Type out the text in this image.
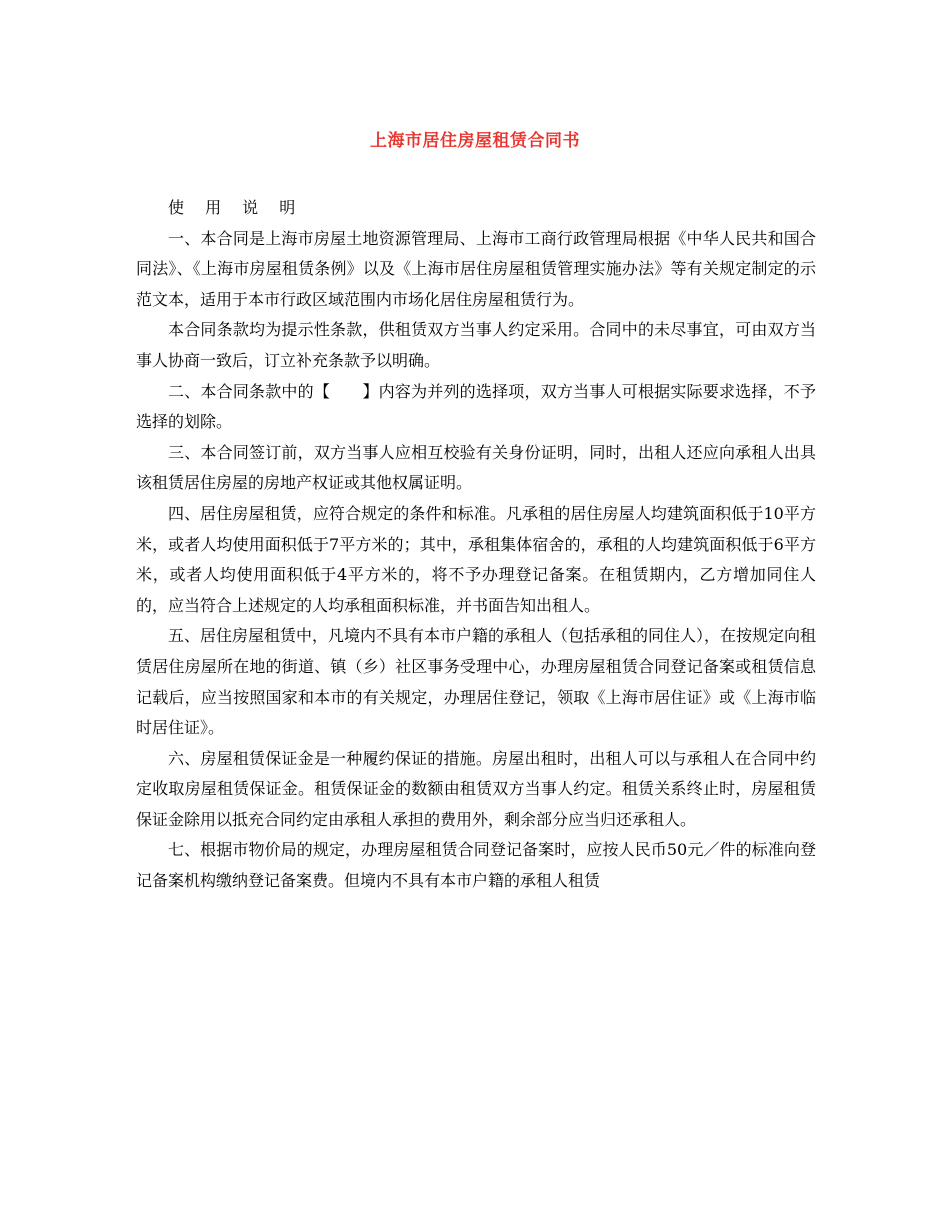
上海市居住房屋租赁合同书

使 用 说 明

一、本合同是上海市房屋土地资源管理局、上海市工商行政管理局根据《中华人民共和国合同法》、《上海市房屋租赁条例》以及《上海市居住房屋租赁管理实施办法》等有关规定制定的示范文本，适用于本市行政区域范围内市场化居住房屋租赁行为。

本合同条款均为提示性条款，供租赁双方当事人约定采用。合同中的未尽事宜，可由双方当事人协商一致后，订立补充条款予以明确。

二、本合同条款中的【　　】内容为并列的选择项，双方当事人可根据实际要求选择，不予选择的划除。

三、本合同签订前，双方当事人应相互校验有关身份证明，同时，出租人还应向承租人出具该租赁居住房屋的房地产权证或其他权属证明。

四、居住房屋租赁，应符合规定的条件和标准。凡承租的居住房屋人均建筑面积低于10平方米，或者人均使用面积低于7平方米的；其中，承租集体宿舍的，承租的人均建筑面积低于6平方米，或者人均使用面积低于4平方米的，将不予办理登记备案。在租赁期内，乙方增加同住人的，应当符合上述规定的人均承租面积标准，并书面告知出租人。

五、居住房屋租赁中，凡境内不具有本市户籍的承租人（包括承租的同住人），在按规定向租赁居住房屋所在地的街道、镇（乡）社区事务受理中心，办理房屋租赁合同登记备案或租赁信息记载后，应当按照国家和本市的有关规定，办理居住登记，领取《上海市居住证》或《上海市临时居住证》。

六、房屋租赁保证金是一种履约保证的措施。房屋出租时，出租人可以与承租人在合同中约定收取房屋租赁保证金。租赁保证金的数额由租赁双方当事人约定。租赁关系终止时，房屋租赁保证金除用以抵充合同约定由承租人承担的费用外，剩余部分应当归还承租人。

七、根据市物价局的规定，办理房屋租赁合同登记备案时，应按人民币50元／件的标准向登记备案机构缴纳登记备案费。但境内不具有本市户籍的承租人租赁
